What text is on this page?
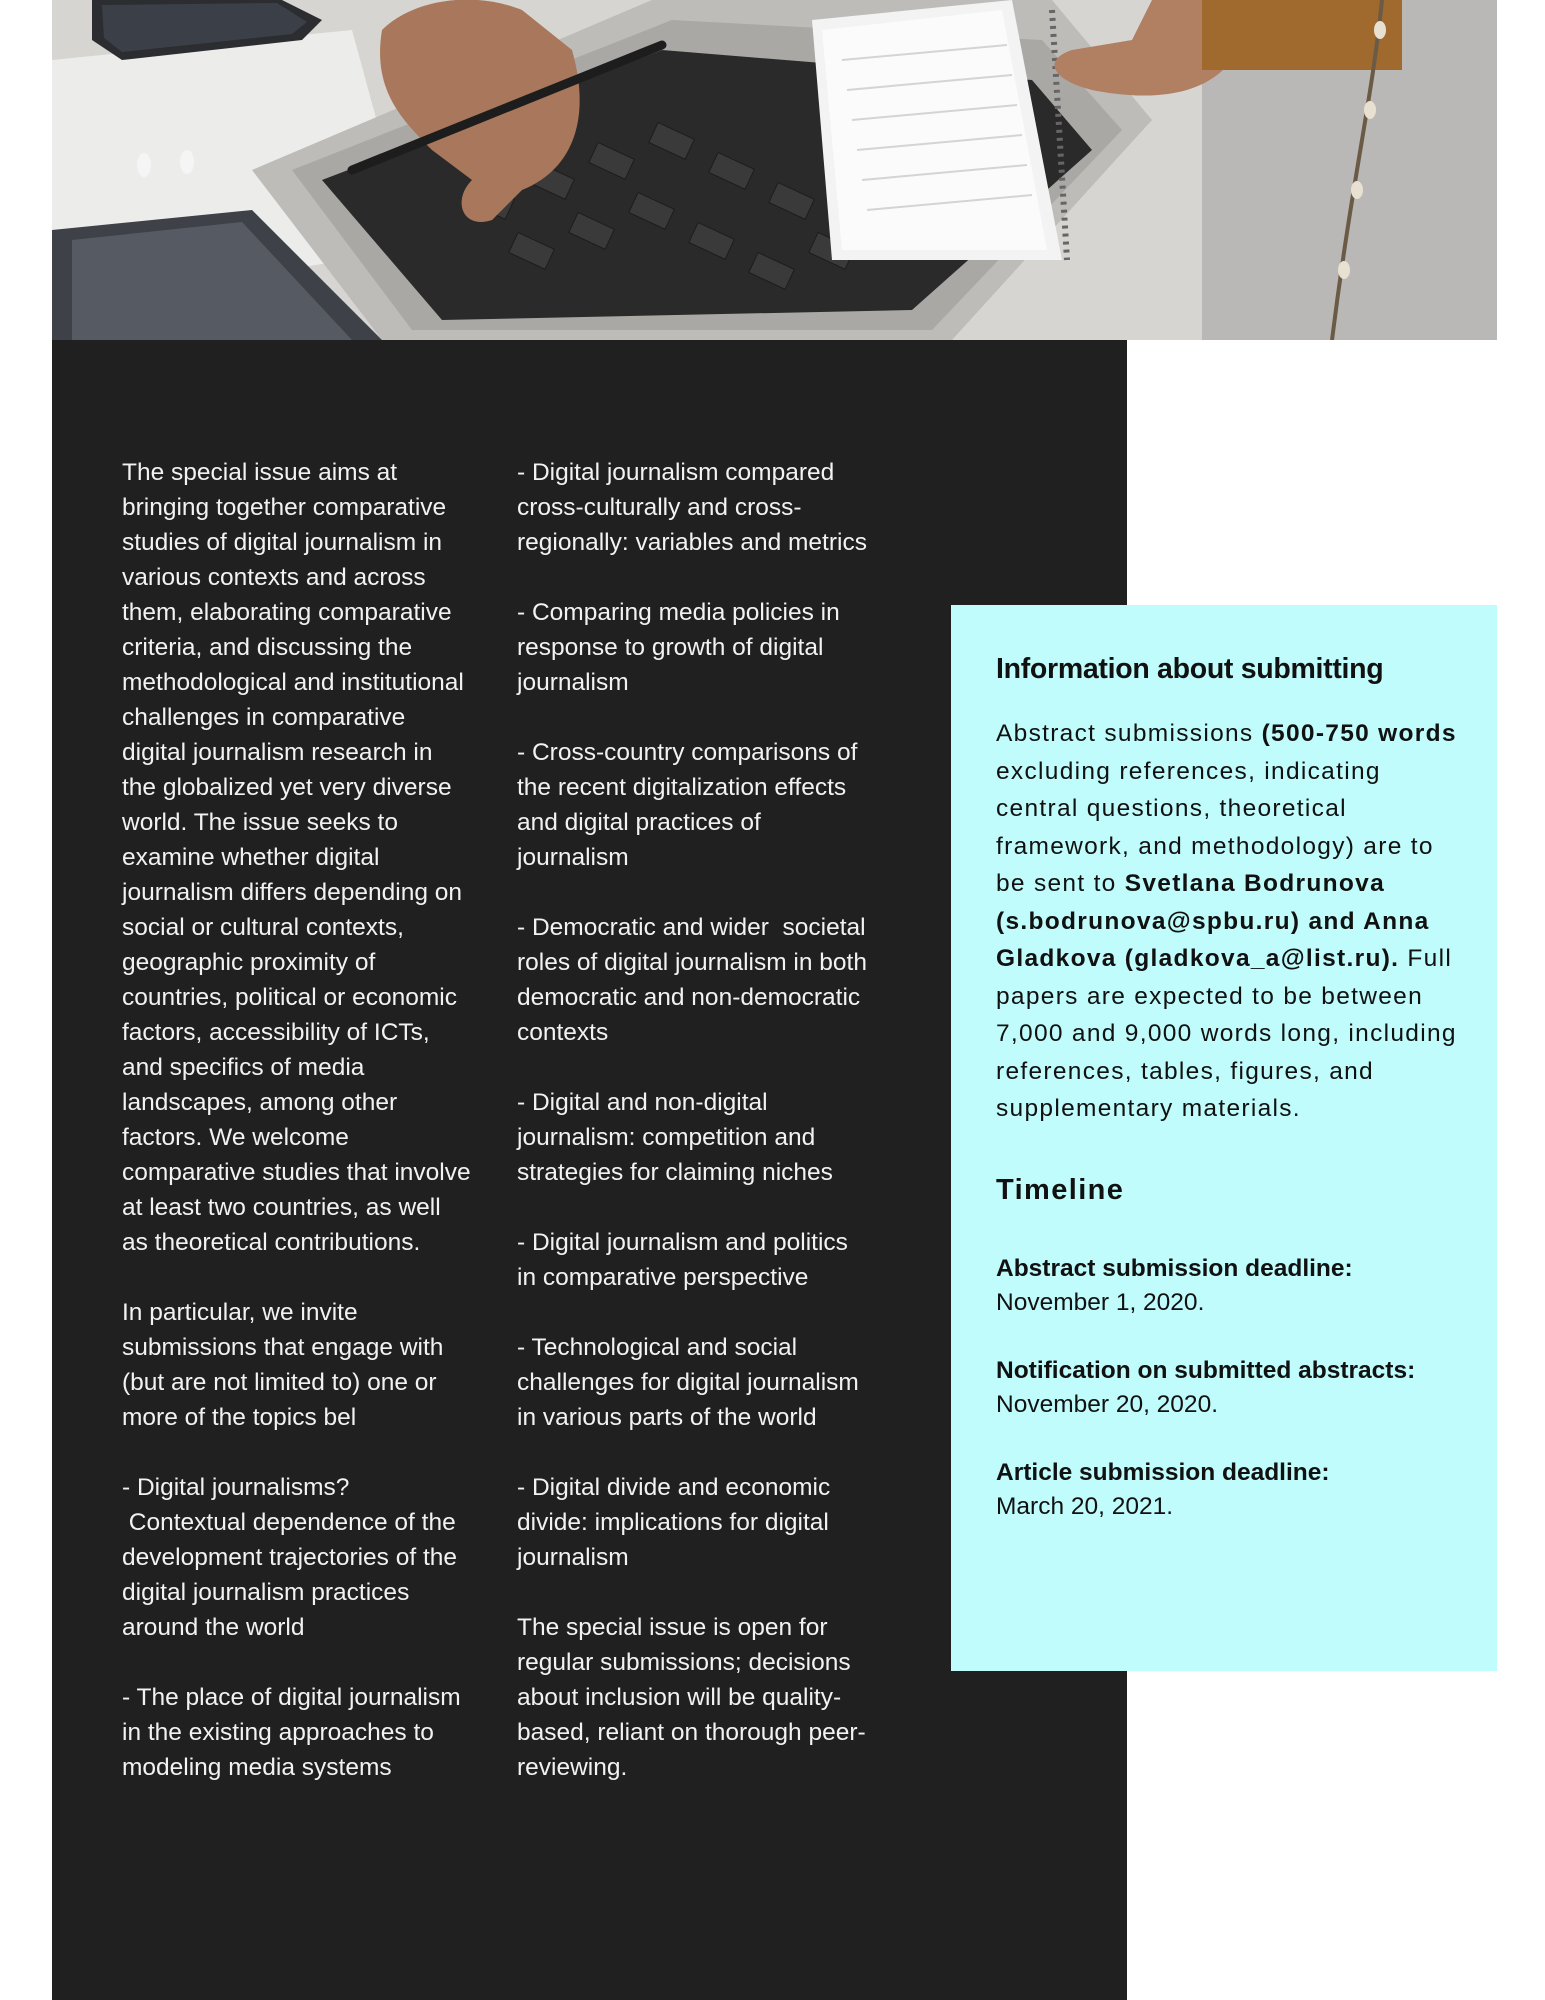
The special issue aims at bringing together comparative studies of digital journalism in various contexts and across them, elaborating comparative criteria, and discussing the methodological and institutional challenges in comparative digital journalism research in the globalized yet very diverse world. The issue seeks to examine whether digital journalism differs depending on social or cultural contexts, geographic proximity of countries, political or economic factors, accessibility of ICTs, and specifics of media landscapes, among other factors. We welcome comparative studies that involve at least two countries, as well as theoretical contributions.

In particular, we invite submissions that engage with (but are not limited to) one or more of the topics bel

- Digital journalisms?  Contextual dependence of the development trajectories of the digital journalism practices around the world

- The place of digital journalism in the existing approaches to modeling media systems

- Digital journalism compared cross-culturally and cross-regionally: variables and metrics

- Comparing media policies in response to growth of digital journalism

- Cross-country comparisons of the recent digitalization effects and digital practices of journalism

- Democratic and wider  societal roles of digital journalism in both democratic and non-democratic contexts

- Digital and non-digital journalism: competition and strategies for claiming niches

- Digital journalism and politics in comparative perspective

- Technological and social challenges for digital journalism in various parts of the world

- Digital divide and economic divide: implications for digital journalism

The special issue is open for regular submissions; decisions about inclusion will be quality-based, reliant on thorough peer-reviewing.

Information about submitting

Abstract submissions (500-750 words excluding references, indicating central questions, theoretical framework, and methodology) are to be sent to Svetlana Bodrunova (s.bodrunova@spbu.ru) and Anna Gladkova (gladkova_a@list.ru). Full papers are expected to be between 7,000 and 9,000 words long, including references, tables, figures, and supplementary materials.

Timeline
Abstract submission deadline:
November 1, 2020.
Notification on submitted abstracts:
November 20, 2020.
Article submission deadline:
March 20, 2021.
